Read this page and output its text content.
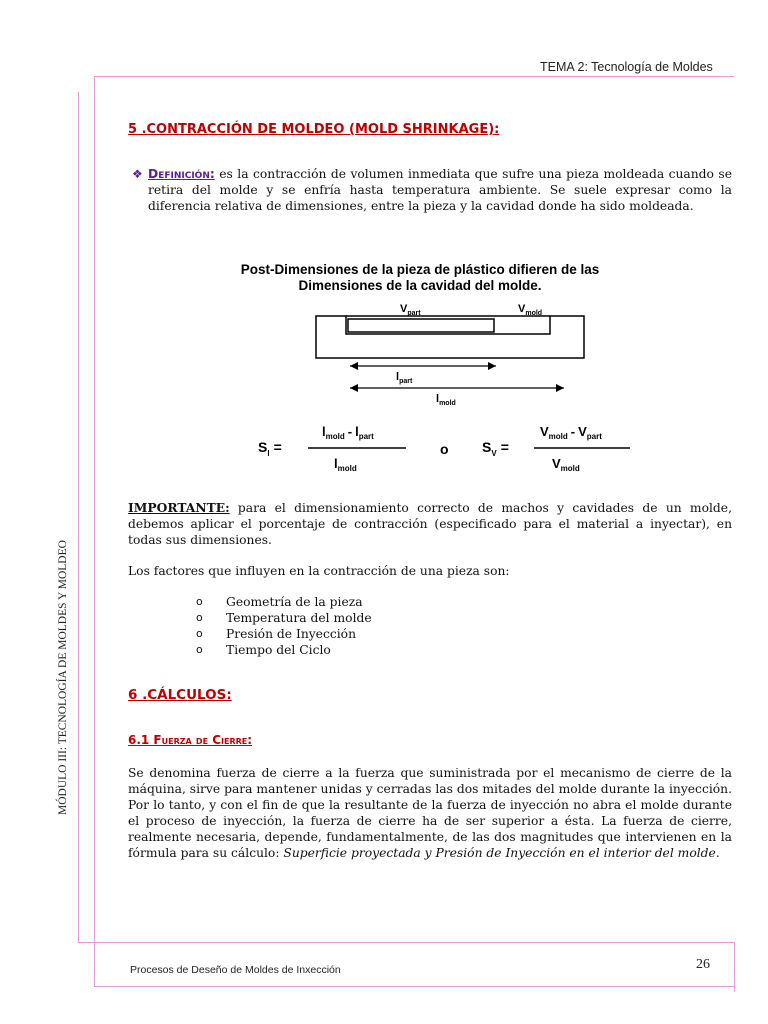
TEMA 2: Tecnología de Moldes
MÓDULO III: TECNOLOGÍA DE MOLDES Y MOLDEO
5 .CONTRACCIÓN DE MOLDEO (MOLD SHRINKAGE):
❖ Definición: es la contracción de volumen inmediata que sufre una pieza moldeada cuando se retira del molde y se enfría hasta temperatura ambiente. Se suele expresar como la diferencia relativa de dimensiones, entre la pieza y la cavidad donde ha sido moldeada.
Post-Dimensiones de la pieza de plástico difieren de las
Dimensiones de la cavidad del molde.
$V_{part}$	$V_{mold}$
$l_{part}$
$l_{mold}$
$S_l$ =
$l_{mold} - l_{part}$
$l_{mold}$
o $S_V$ =
$V_{mold} - V_{part}$
$V_{mold}$
IMPORTANTE: para el dimensionamiento correcto de machos y cavidades de un molde, debemos aplicar el porcentaje de contracción (especificado para el material a inyectar), en todas sus dimensiones.
Los factores que influyen en la contracción de una pieza son:
o Geometría de la pieza
o Temperatura del molde
o Presión de Inyección
o Tiempo del Ciclo
6 .CÁLCULOS:
6.1 Fuerza de Cierre:
Se denomina fuerza de cierre a la fuerza que suministrada por el mecanismo de cierre de la máquina, sirve para mantener unidas y cerradas las dos mitades del molde durante la inyección. Por lo tanto, y con el fin de que la resultante de la fuerza de inyección no abra el molde durante el proceso de inyección, la fuerza de cierre ha de ser superior a ésta. La fuerza de cierre, realmente necesaria, depende, fundamentalmente, de las dos magnitudes que intervienen en la fórmula para su cálculo: Superficie proyectada y Presión de Inyección en el interior del molde.
Procesos de Deseño de Moldes de Inxección	26
